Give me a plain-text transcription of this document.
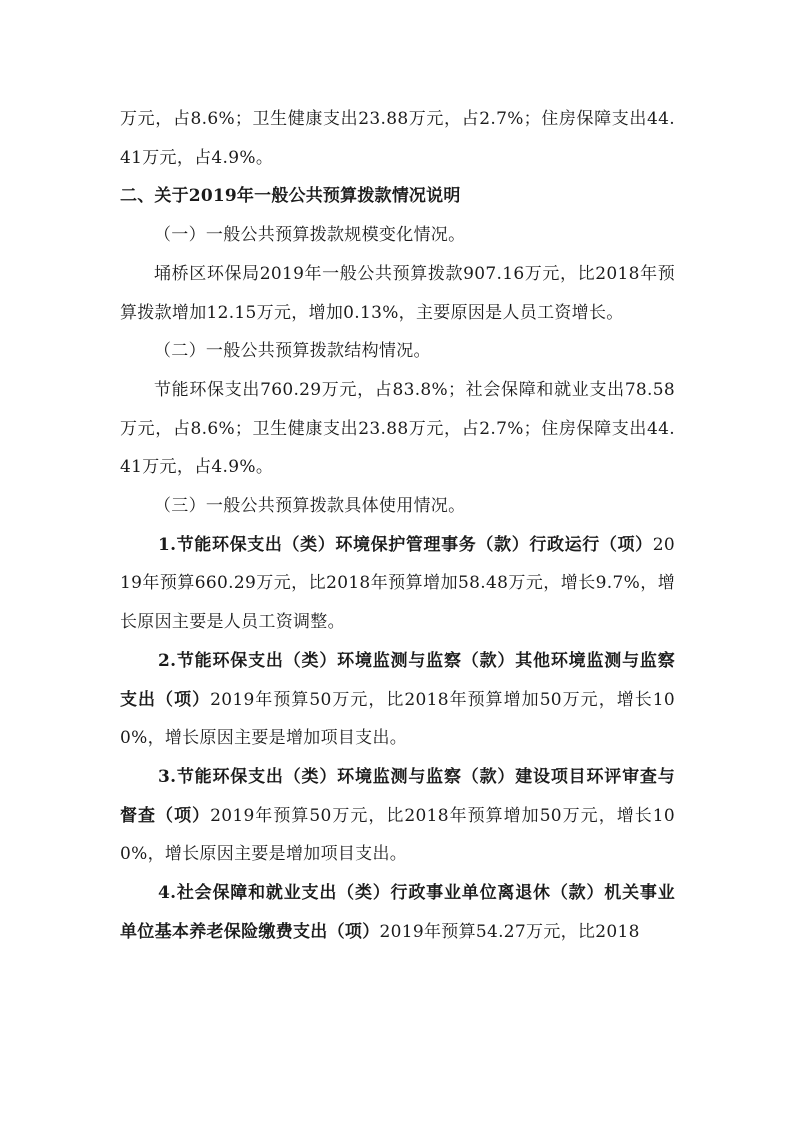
万元，占8.6%；卫生健康支出23.88万元，占2.7%；住房保障支出44.41万元，占4.9%。

二、关于2019年一般公共预算拨款情况说明

（一）一般公共预算拨款规模变化情况。

埇桥区环保局2019年一般公共预算拨款907.16万元，比2018年预算拨款增加12.15万元，增加0.13%，主要原因是人员工资增长。

（二）一般公共预算拨款结构情况。

节能环保支出760.29万元，占83.8%；社会保障和就业支出78.58万元，占8.6%；卫生健康支出23.88万元，占2.7%；住房保障支出44.41万元，占4.9%。

（三）一般公共预算拨款具体使用情况。

1.节能环保支出（类）环境保护管理事务（款）行政运行（项）2019年预算660.29万元，比2018年预算增加58.48万元，增长9.7%，增长原因主要是人员工资调整。

2.节能环保支出（类）环境监测与监察（款）其他环境监测与监察支出（项）2019年预算50万元，比2018年预算增加50万元，增长100%，增长原因主要是增加项目支出。

3.节能环保支出（类）环境监测与监察（款）建设项目环评审查与督查（项）2019年预算50万元，比2018年预算增加50万元，增长100%，增长原因主要是增加项目支出。

4.社会保障和就业支出（类）行政事业单位离退休（款）机关事业单位基本养老保险缴费支出（项）2019年预算54.27万元，比2018
